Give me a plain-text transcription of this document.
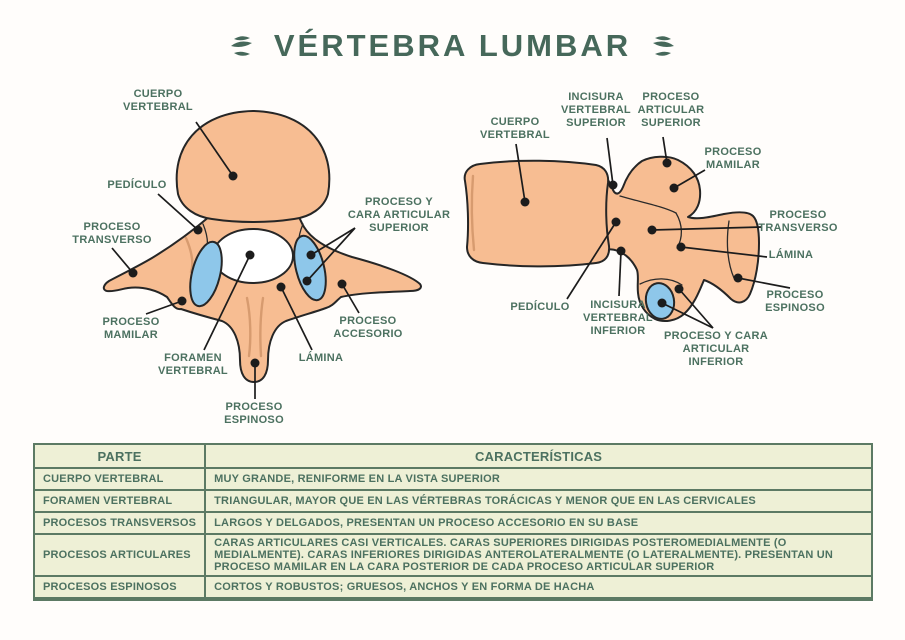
VÉRTEBRA LUMBAR
CUERPO
VERTEBRAL
PEDÍCULO
PROCESO
TRANSVERSO
PROCESO
MAMILAR
FORAMEN
VERTEBRAL
PROCESO
ESPINOSO
LÁMINA
PROCESO
ACCESORIO
PROCESO Y
CARA ARTICULAR
SUPERIOR
CUERPO
VERTEBRAL
INCISURA
VERTEBRAL
SUPERIOR
PROCESO
ARTICULAR
SUPERIOR
PROCESO
MAMILAR
PROCESO
TRANSVERSO
LÁMINA
PEDÍCULO	INCISURA
VERTEBRAL
INFERIOR	PROCESO Y CARA
ARTICULAR
INFERIOR
PROCESO
ESPINOSO
PARTE	CARACTERÍSTICAS
CUERPO VERTEBRAL	MUY GRANDE, RENIFORME EN LA VISTA SUPERIOR
FORAMEN VERTEBRAL	TRIANGULAR, MAYOR QUE EN LAS VÉRTEBRAS TORÁCICAS Y MENOR QUE EN LAS CERVICALES
PROCESOS TRANSVERSOS	LARGOS Y DELGADOS, PRESENTAN UN PROCESO ACCESORIO EN SU BASE
PROCESOS ARTICULARES	CARAS ARTICULARES CASI VERTICALES. CARAS SUPERIORES DIRIGIDAS POSTEROMEDIALMENTE (O MEDIALMENTE). CARAS INFERIORES DIRIGIDAS ANTEROLATERALMENTE (O LATERALMENTE). PRESENTAN UN PROCESO MAMILAR EN LA CARA POSTERIOR DE CADA PROCESO ARTICULAR SUPERIOR
PROCESOS ESPINOSOS	CORTOS Y ROBUSTOS; GRUESOS, ANCHOS Y EN FORMA DE HACHA
